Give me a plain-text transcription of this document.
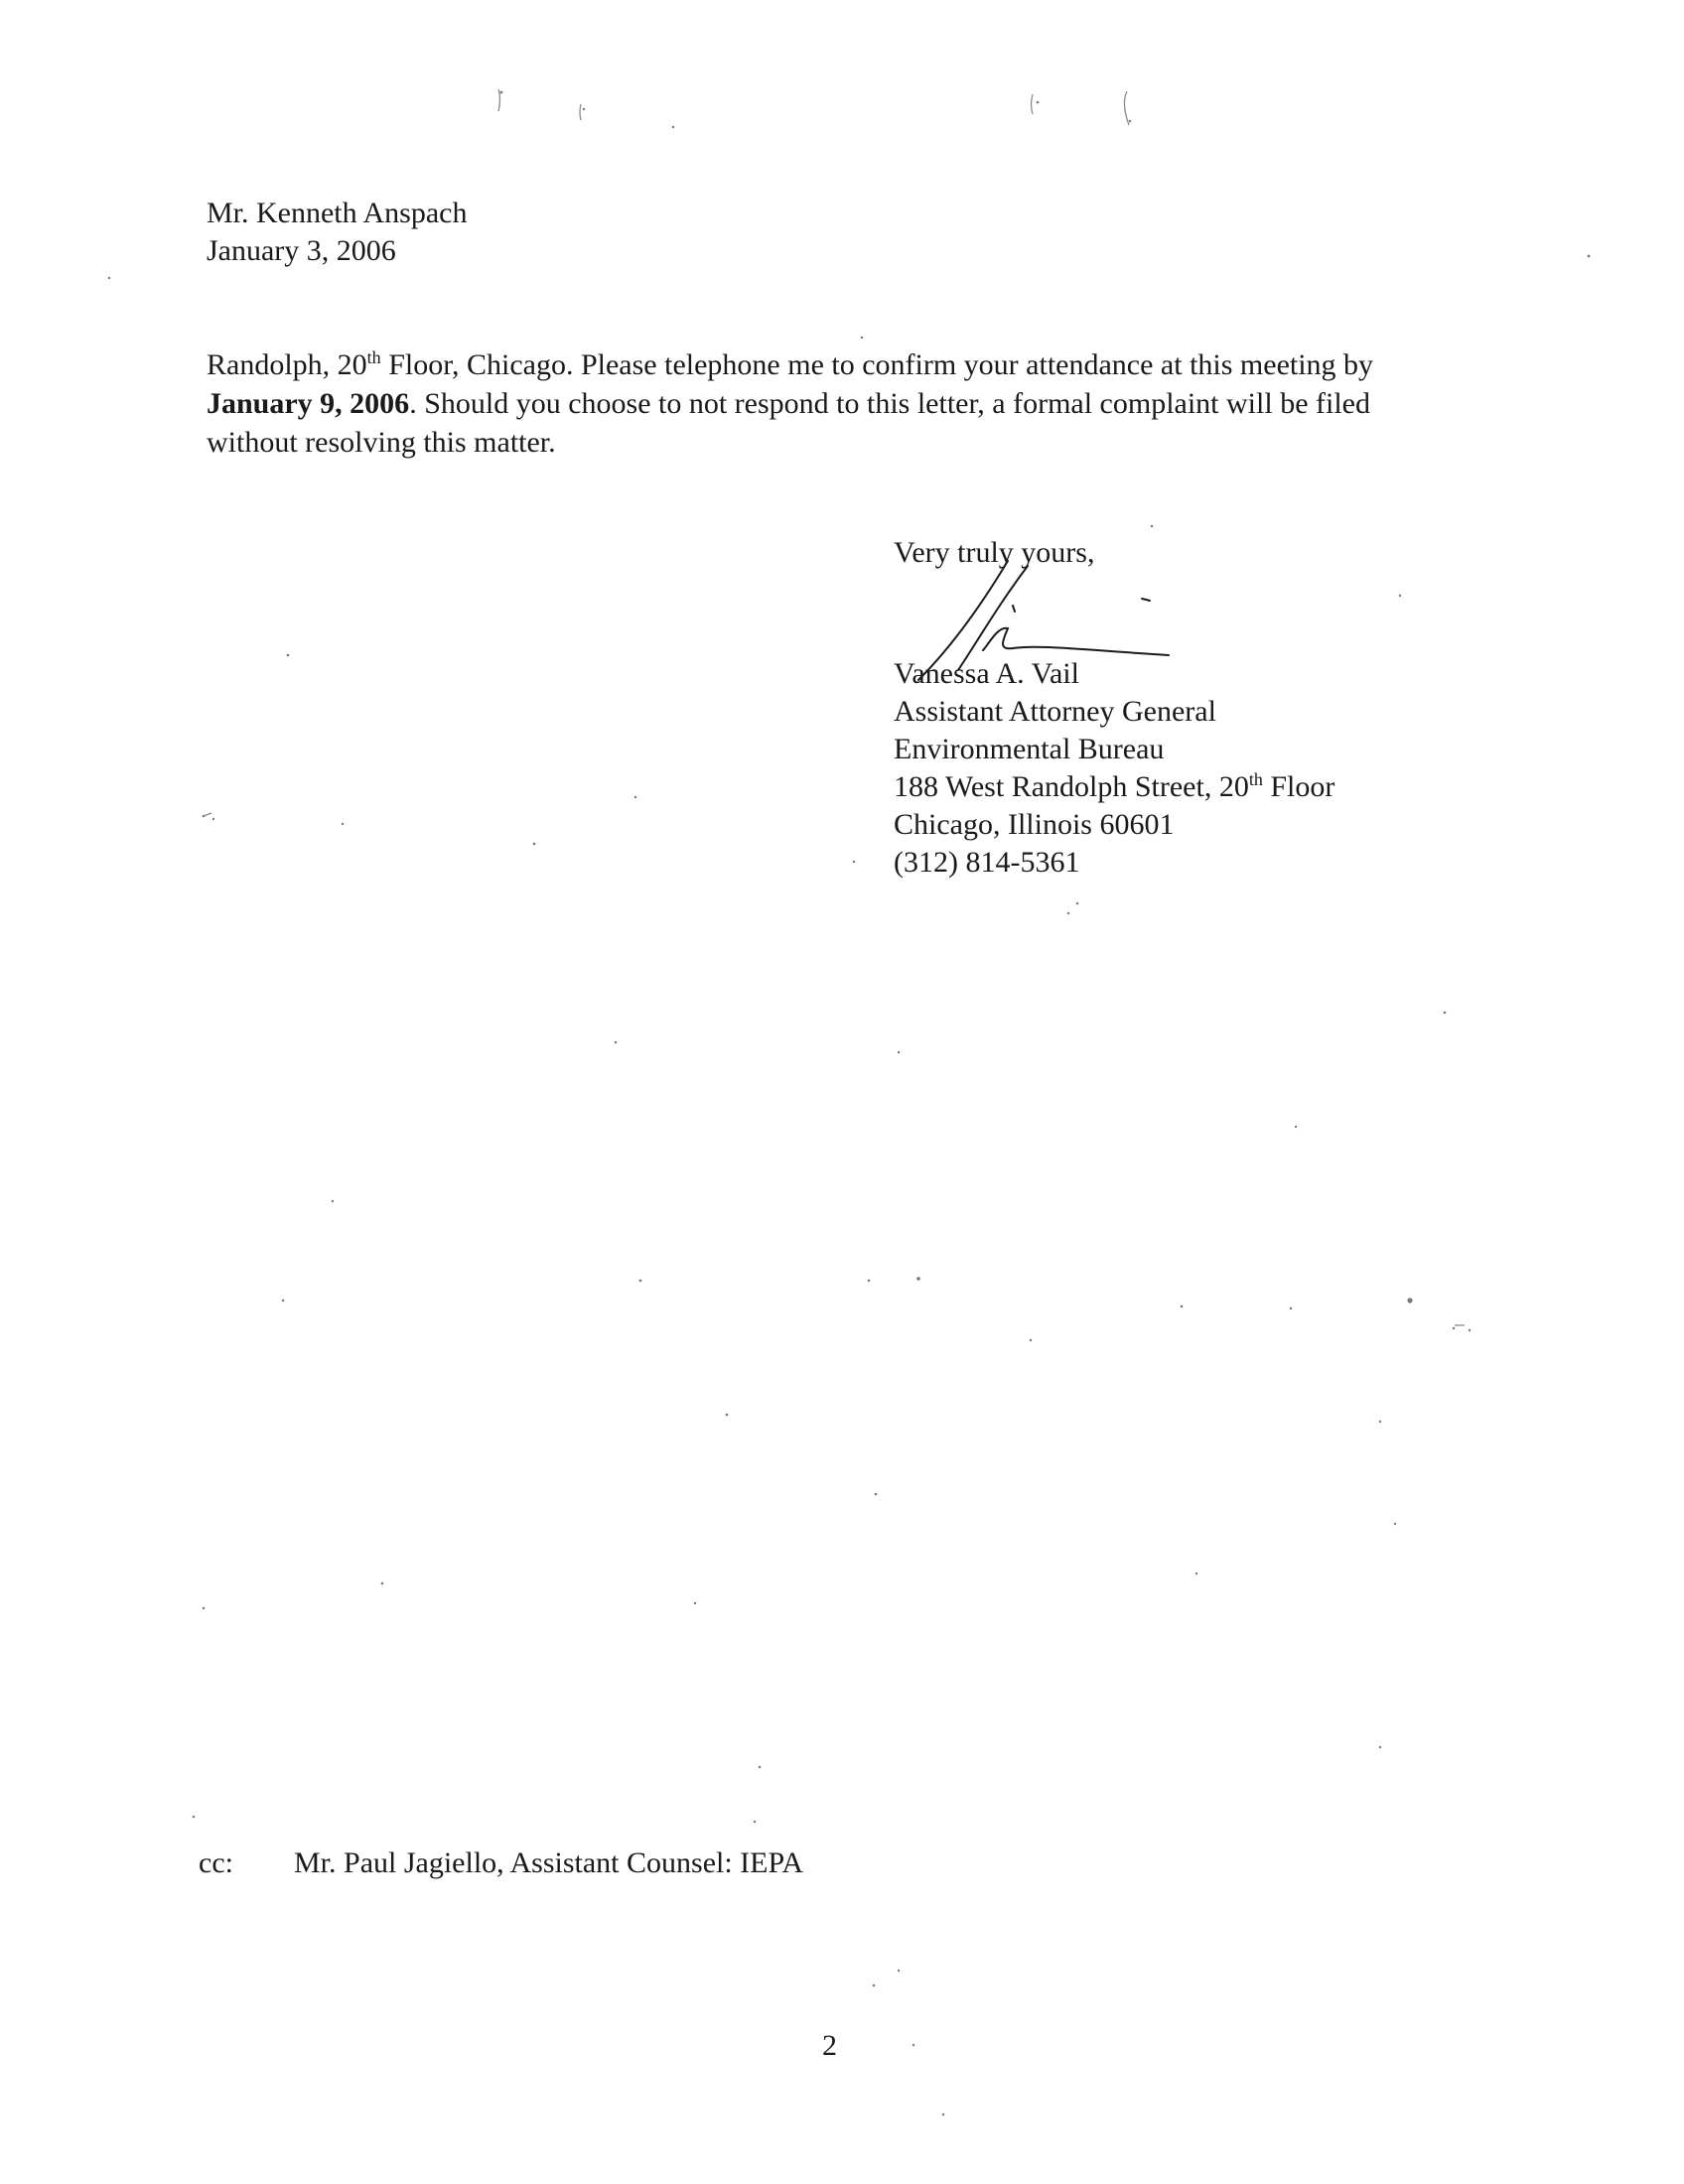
Mr. Kenneth Anspach
January 3, 2006

Randolph, 20th Floor, Chicago. Please telephone me to confirm your attendance at this meeting by

January 9, 2006. Should you choose to not respond to this letter, a formal complaint will be filed

without resolving this matter.

Very truly yours,
Vanessa A. Vail
Assistant Attorney General
Environmental Bureau
188 West Randolph Street, 20th Floor
Chicago, Illinois 60601
(312) 814-5361
cc: Mr. Paul Jagiello, Assistant Counsel: IEPA
2
